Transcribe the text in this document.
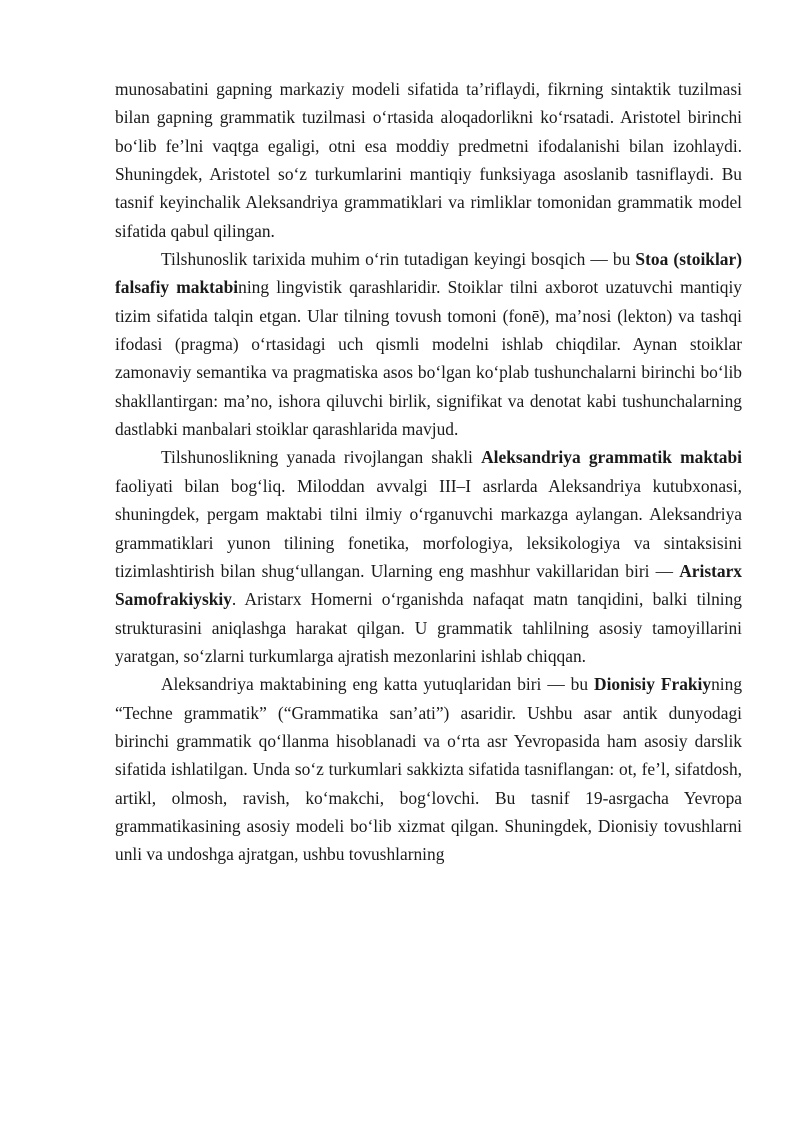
munosabatini gapning markaziy modeli sifatida ta’riflaydi, fikrning sintaktik tuzilmasi bilan gapning grammatik tuzilmasi o‘rtasida aloqadorlikni ko‘rsatadi. Aristotel birinchi bo‘lib fe’lni vaqtga egaligi, otni esa moddiy predmetni ifodalanishi bilan izohlaydi. Shuningdek, Aristotel so‘z turkumlarini mantiqiy funksiyaga asoslanib tasniflaydi. Bu tasnif keyinchalik Aleksandriya grammatiklari va rimliklar tomonidan grammatik model sifatida qabul qilingan.

Tilshunoslik tarixida muhim o‘rin tutadigan keyingi bosqich — bu Stoa (stoiklar) falsafiy maktabining lingvistik qarashlaridir. Stoiklar tilni axborot uzatuvchi mantiqiy tizim sifatida talqin etgan. Ular tilning tovush tomoni (fonē), ma’nosi (lekton) va tashqi ifodasi (pragma) o‘rtasidagi uch qismli modelni ishlab chiqdilar. Aynan stoiklar zamonaviy semantika va pragmatiska asos bo‘lgan ko‘plab tushunchalarni birinchi bo‘lib shakllantirgan: ma’no, ishora qiluvchi birlik, signifikat va denotat kabi tushunchalarning dastlabki manbalari stoiklar qarashlarida mavjud.

Tilshunoslikning yanada rivojlangan shakli Aleksandriya grammatik maktabi faoliyati bilan bog‘liq. Miloddan avvalgi III–I asrlarda Aleksandriya kutubxonasi, shuningdek, pergam maktabi tilni ilmiy o‘rganuvchi markazga aylangan. Aleksandriya grammatiklari yunon tilining fonetika, morfologiya, leksikologiya va sintaksisini tizimlashtirish bilan shug‘ullangan. Ularning eng mashhur vakillaridan biri — Aristarx Samofrakiyskiy. Aristarx Homerni o‘rganishda nafaqat matn tanqidini, balki tilning strukturasini aniqlashga harakat qilgan. U grammatik tahlilning asosiy tamoyillarini yaratgan, so‘zlarni turkumlarga ajratish mezonlarini ishlab chiqqan.

Aleksandriya maktabining eng katta yutuqlaridan biri — bu Dionisiy Frakiyning “Techne grammatik” (“Grammatika san’ati”) asaridir. Ushbu asar antik dunyodagi birinchi grammatik qo‘llanma hisoblanadi va o‘rta asr Yevropasida ham asosiy darslik sifatida ishlatilgan. Unda so‘z turkumlari sakkizta sifatida tasniflangan: ot, fe’l, sifatdosh, artikl, olmosh, ravish, ko‘makchi, bog‘lovchi. Bu tasnif 19-asrgacha Yevropa grammatikasining asosiy modeli bo‘lib xizmat qilgan. Shuningdek, Dionisiy tovushlarni unli va undoshga ajratgan, ushbu tovushlarning
